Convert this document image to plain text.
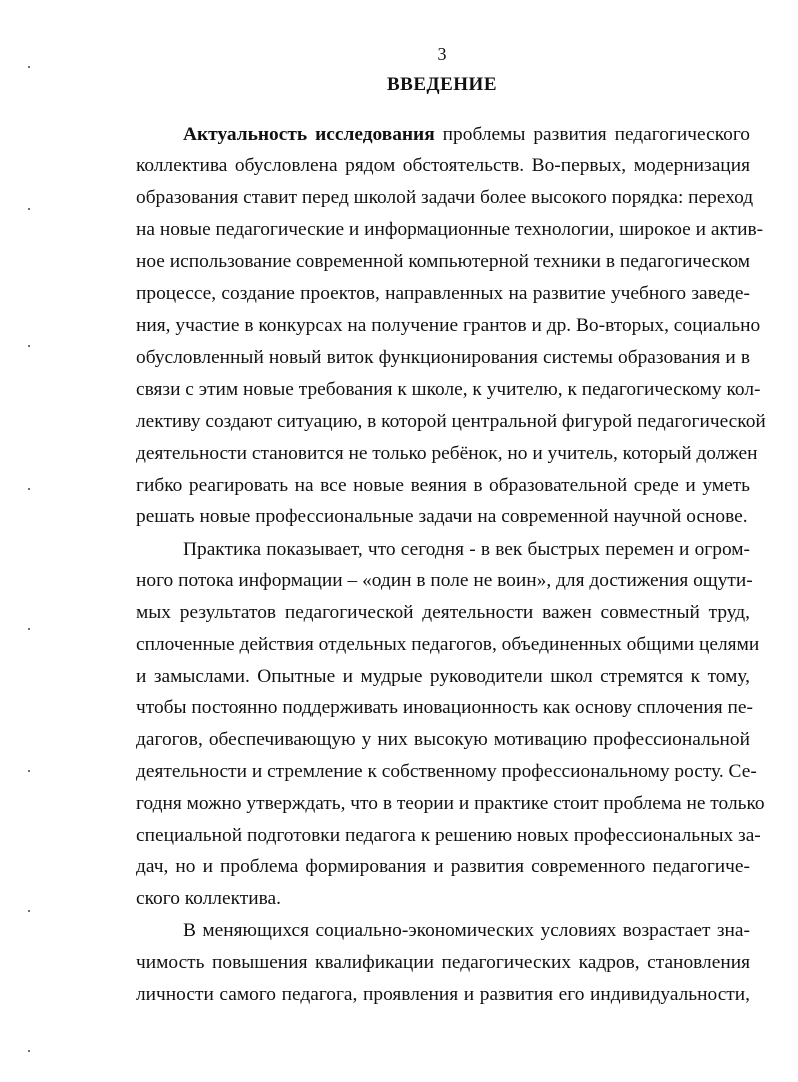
3
ВВЕДЕНИЕ
Актуальность исследования проблемы развития педагогического
коллектива обусловлена рядом обстоятельств. Во-первых, модернизация
образования ставит перед школой задачи более высокого порядка: переход
на новые педагогические и информационные технологии, широкое и актив-
ное использование современной компьютерной техники в педагогическом
процессе, создание проектов, направленных на развитие учебного заведе-
ния, участие в конкурсах на получение грантов и др. Во-вторых, социально
обусловленный новый виток функционирования системы образования и в
связи с этим новые требования к школе, к учителю, к педагогическому кол-
лективу создают ситуацию, в которой центральной фигурой педагогической
деятельности становится не только ребёнок, но и учитель, который должен
гибко реагировать на все новые веяния в образовательной среде и уметь
решать новые профессиональные задачи на современной научной основе.
Практика показывает, что сегодня - в век быстрых перемен и огром-
ного потока информации – «один в поле не воин», для достижения ощути-
мых результатов педагогической деятельности важен совместный труд,
сплоченные действия отдельных педагогов, объединенных общими целями
и замыслами. Опытные и мудрые руководители школ стремятся к тому,
чтобы постоянно поддерживать иновационность как основу сплочения пе-
дагогов, обеспечивающую у них высокую мотивацию профессиональной
деятельности и стремление к собственному профессиональному росту. Се-
годня можно утверждать, что в теории и практике стоит проблема не только
специальной подготовки педагога к решению новых профессиональных за-
дач, но и проблема формирования и развития современного педагогиче-
ского коллектива.
В меняющихся социально-экономических условиях возрастает зна-
чимость повышения квалификации педагогических кадров, становления
личности самого педагога, проявления и развития его индивидуальности,
